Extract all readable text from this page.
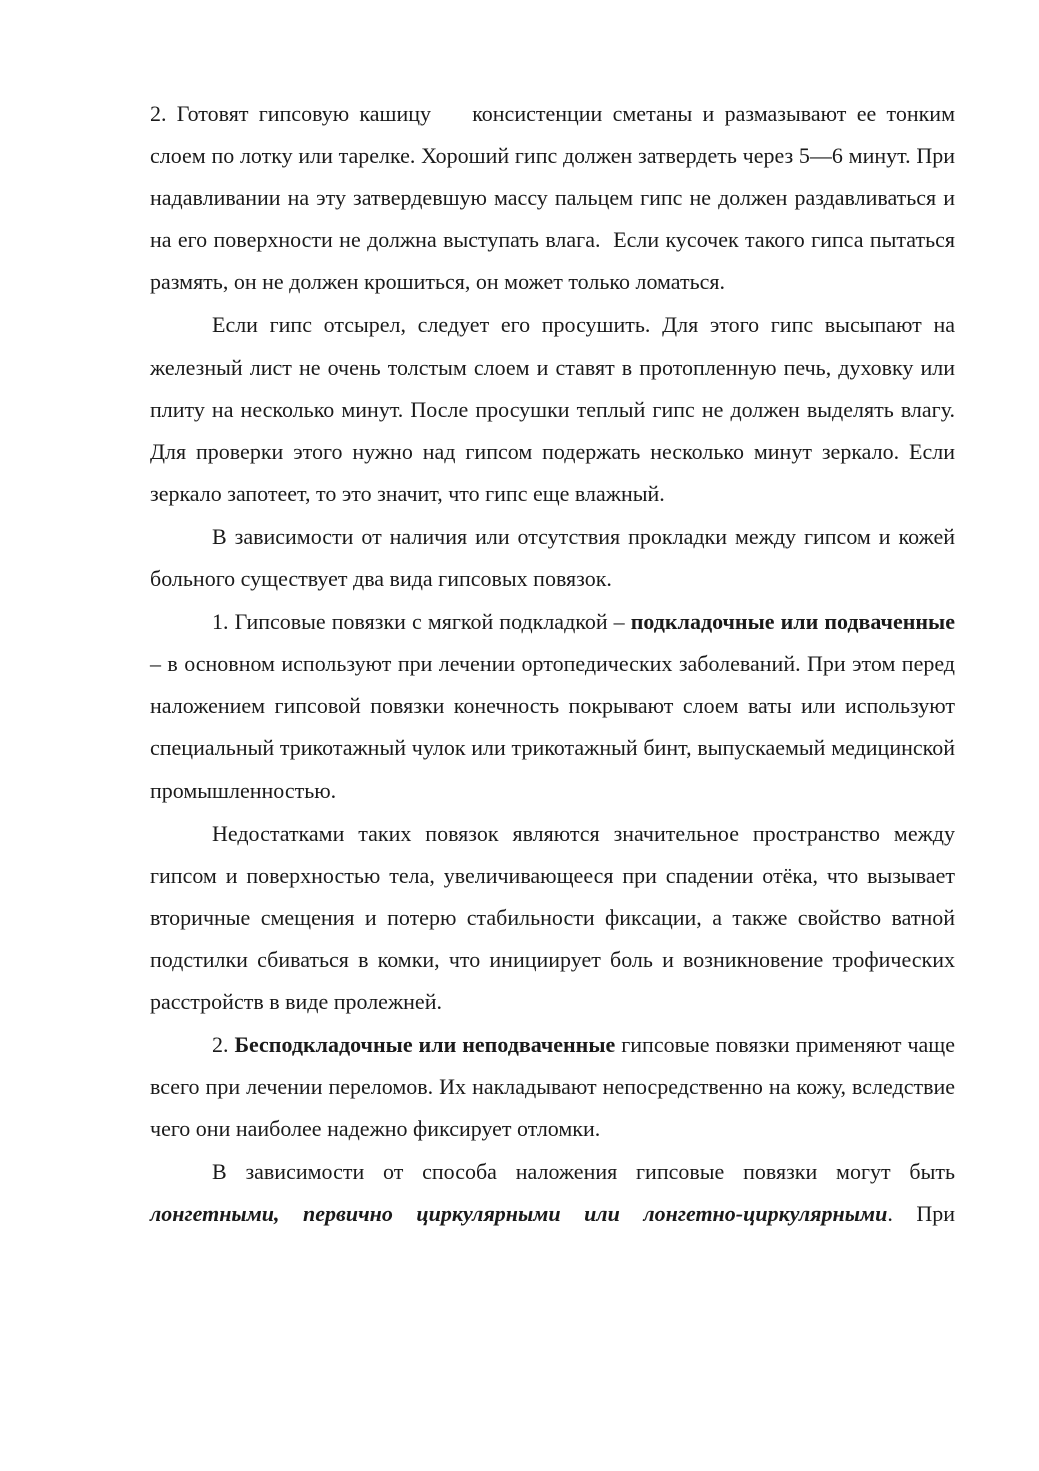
2. Готовят гипсовую кашицу    консистенции сметаны и размазывают ее тонким      слоем по лотку или тарелке. Хороший гипс должен затвердеть через 5—6 минут. При надавливании на эту затвердевшую массу пальцем гипс не должен раздавливаться и на его поверхности не должна выступать влага.  Если кусочек такого гипса пытаться размять, он не должен крошиться, он может только ломаться.

Если гипс отсырел, следует его просушить. Для этого гипс высыпают на железный лист не очень толстым слоем и ставят в протопленную печь, духовку или плиту на несколько минут. После просушки теплый гипс не должен выделять влагу. Для проверки этого нужно над гипсом подержать несколько минут зеркало. Если зеркало запотеет, то это значит, что гипс еще влажный.

В зависимости от наличия или отсутствия прокладки между гипсом и кожей больного существует два вида гипсовых повязок.

1. Гипсовые повязки с мягкой подкладкой – подкладочные или подваченные – в основном используют при лечении ортопедических заболеваний. При этом перед наложением гипсовой повязки конечность покрывают слоем ваты или используют специальный трикотажный чулок или трикотажный бинт, выпускаемый медицинской промышленностью.

Недостатками таких повязок являются значительное пространство между гипсом и поверхностью тела, увеличивающееся при спадении отёка, что вызывает вторичные смещения и потерю стабильности фиксации, а также свойство ватной подстилки сбиваться в комки, что инициирует боль и возникновение трофических расстройств в виде пролежней.

2. Бесподкладочные или неподваченные гипсовые повязки применяют чаще всего при лечении переломов. Их накладывают непосредственно на кожу, вследствие чего они наиболее надежно фиксирует отломки.

В зависимости от способа наложения гипсовые повязки могут быть лонгетными, первично циркулярными или лонгетно-циркулярными. При
